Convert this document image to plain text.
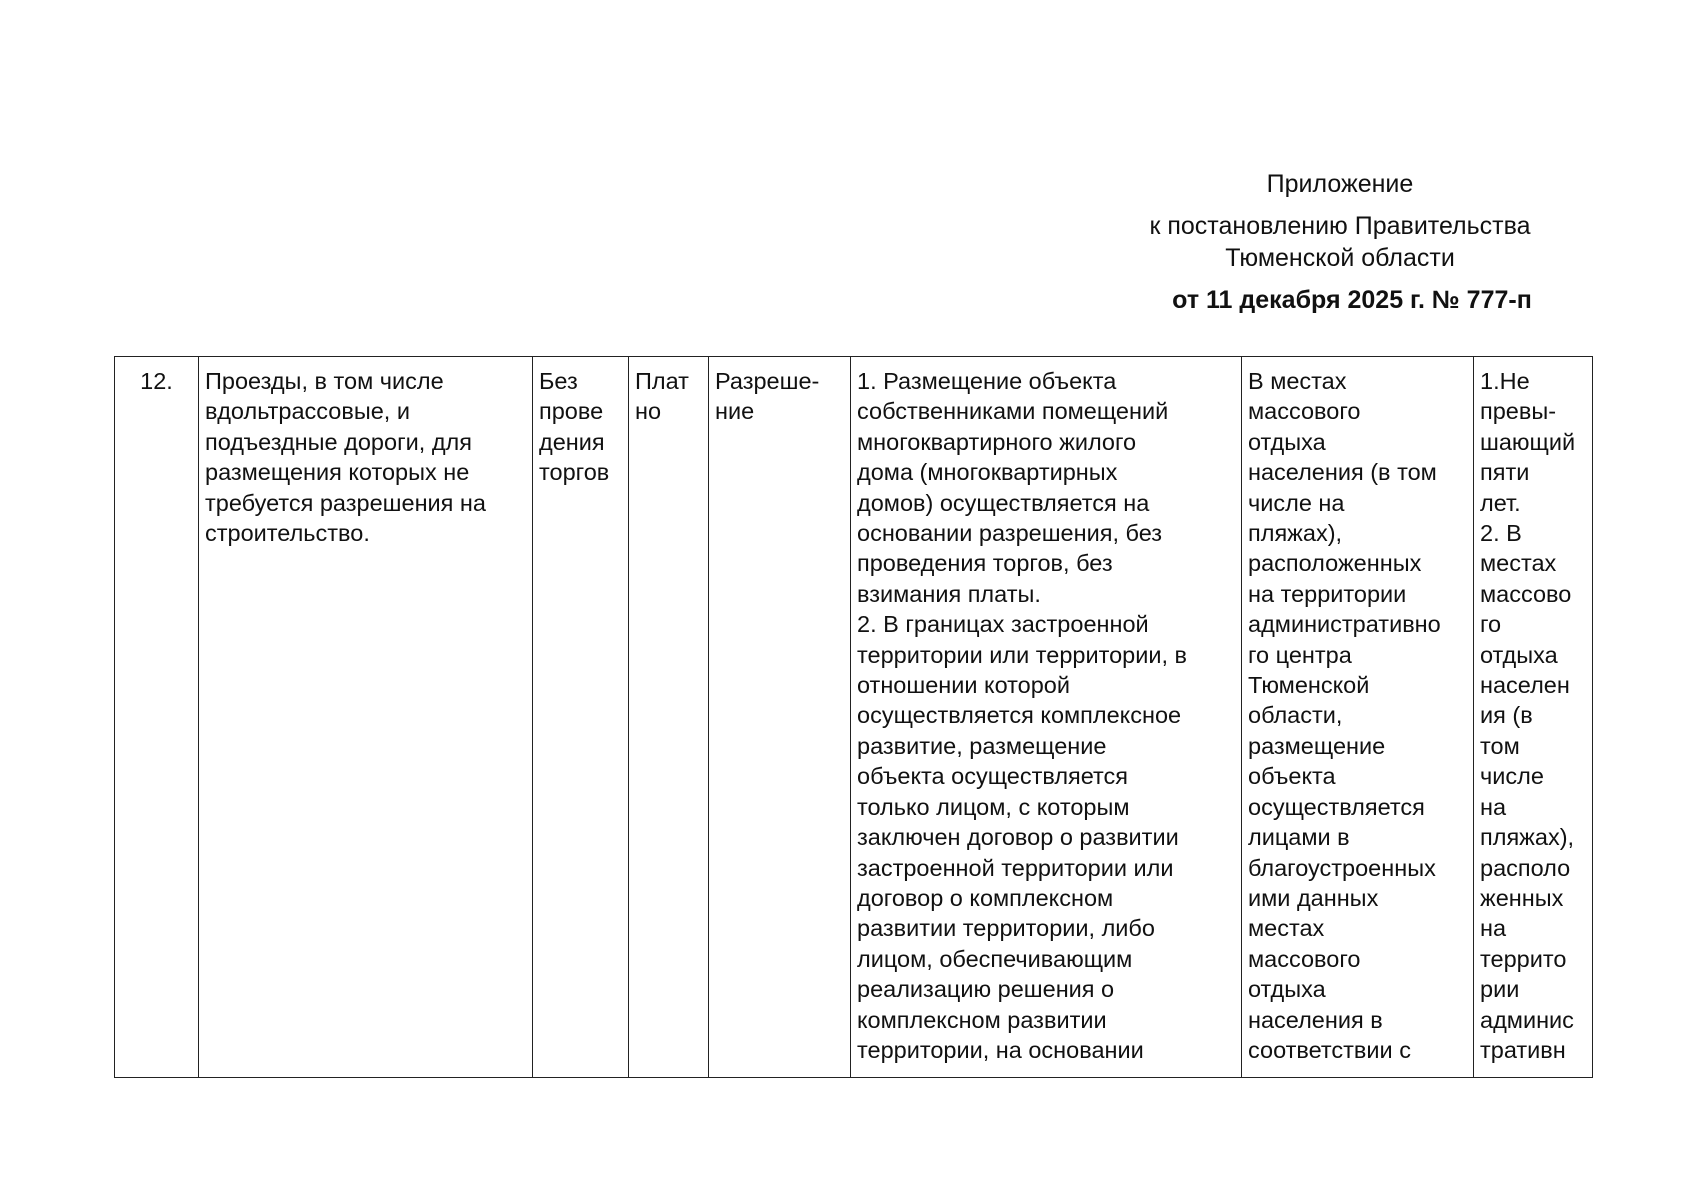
Приложение
к постановлению Правительства
Тюменской области
от 11 декабря 2025 г. № 777-п
12.	Проезды, в том числе
вдольтрассовые, и
подъездные дороги, для
размещения которых не
требуется разрешения на
строительство.
Без
прове
дения
торгов
Плат
но
Разреше-
ние
1. Размещение объекта
собственниками помещений
многоквартирного жилого
дома (многоквартирных
домов) осуществляется на
основании разрешения, без
проведения торгов, без
взимания платы.
2. В границах застроенной
территории или территории, в
отношении которой
осуществляется комплексное
развитие, размещение
объекта осуществляется
только лицом, с которым
заключен договор о развитии
застроенной территории или
договор о комплексном
развитии территории, либо
лицом, обеспечивающим
реализацию решения о
комплексном развитии
территории, на основании
В местах
массового
отдыха
населения (в том
числе на
пляжах),
расположенных
на территории
административно
го центра
Тюменской
области,
размещение
объекта
осуществляется
лицами в
благоустроенных
ими данных
местах
массового
отдыха
населения в
соответствии с
1.Не
превы-
шающий
пяти
лет.
2. В
местах
массово
го
отдыха
населен
ия (в
том
числе
на
пляжах),
располо
женных
на
террито
рии
админис
тративн
